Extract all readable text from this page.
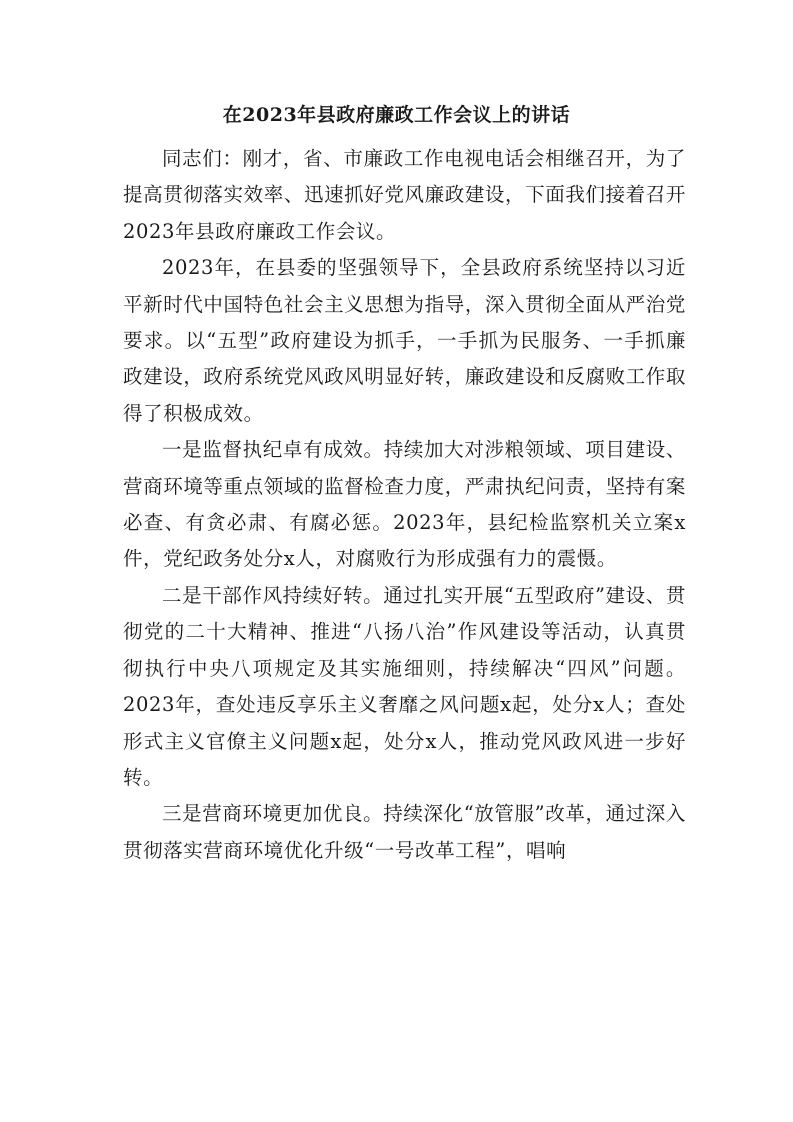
在2023年县政府廉政工作会议上的讲话

同志们：刚才，省、市廉政工作电视电话会相继召开，为了提高贯彻落实效率、迅速抓好党风廉政建设，下面我们接着召开2023年县政府廉政工作会议。

2023年，在县委的坚强领导下，全县政府系统坚持以习近平新时代中国特色社会主义思想为指导，深入贯彻全面从严治党要求。以“五型”政府建设为抓手，一手抓为民服务、一手抓廉政建设，政府系统党风政风明显好转，廉政建设和反腐败工作取得了积极成效。

一是监督执纪卓有成效。持续加大对涉粮领域、项目建设、营商环境等重点领域的监督检查力度，严肃执纪问责，坚持有案必查、有贪必肃、有腐必惩。2023年，县纪检监察机关立案x件，党纪政务处分x人，对腐败行为形成强有力的震慑。

二是干部作风持续好转。通过扎实开展“五型政府”建设、贯彻党的二十大精神、推进“八扬八治”作风建设等活动，认真贯彻执行中央八项规定及其实施细则，持续解决“四风”问题。2023年，查处违反享乐主义奢靡之风问题x起，处分x人；查处形式主义官僚主义问题x起，处分x人，推动党风政风进一步好转。

三是营商环境更加优良。持续深化“放管服”改革，通过深入贯彻落实营商环境优化升级“一号改革工程”，唱响
